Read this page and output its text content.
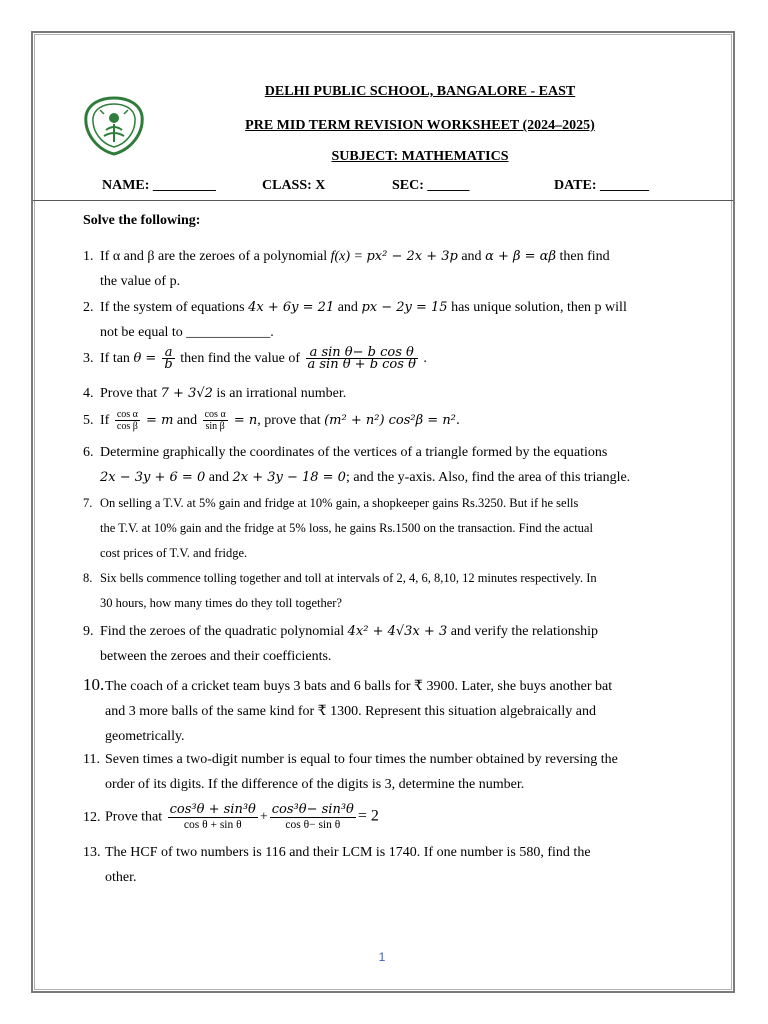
DELHI PUBLIC SCHOOL, BANGALORE - EAST
PRE MID TERM REVISION WORKSHEET (2024–2025)
SUBJECT: MATHEMATICS
NAME: _________	CLASS: X	SEC: ______	DATE: _______
Solve the following:
1. If α and β are the zeroes of a polynomial f(x) = px² − 2x + 3p and α + β = αβ then find
the value of p.
2. If the system of equations 4x + 6y = 21 and px − 2y = 15 has unique solution, then p will
not be equal to ____________.
3. If $\tan \theta = \frac{a}{b}$ then find the value of $\frac{\text{a sin θ− b cos θ}}{\text{a sin θ + b cos θ}}$ .
4. Prove that 7 + 3√2 is an irrational number.
5. If $\frac{\text{cos α}}{\text{cos β}} = m$ and $\frac{\text{cos α}}{\text{sin β}} = n$, prove that (m² + n²) cos²β = n².
6. Determine graphically the coordinates of the vertices of a triangle formed by the equations
2x − 3y + 6 = 0 and 2x + 3y − 18 = 0; and the y-axis. Also, find the area of this triangle.
7. On selling a T.V. at 5% gain and fridge at 10% gain, a shopkeeper gains Rs.3250. But if he sells
the T.V. at 10% gain and the fridge at 5% loss, he gains Rs.1500 on the transaction. Find the actual
cost prices of T.V. and fridge.
8. Six bells commence tolling together and toll at intervals of 2, 4, 6, 8,10, 12 minutes respectively. In
30 hours, how many times do they toll together?
9. Find the zeroes of the quadratic polynomial 4x² + 4√3x + 3 and verify the relationship
between the zeroes and their coefficients.
10.The coach of a cricket team buys 3 bats and 6 balls for ₹ 3900. Later, she buys another bat
and 3 more balls of the same kind for ₹ 1300. Represent this situation algebraically and
geometrically.
11. Seven times a two-digit number is equal to four times the number obtained by reversing the
order of its digits. If the difference of the digits is 3, determine the number.
12. Prove that $\frac{\text{cos³θ + sin³θ}}{\text{cos θ + sin θ}} + \frac{\text{cos³θ− sin³θ}}{\text{cos θ− sin θ}} = 2$
13. The HCF of two numbers is 116 and their LCM is 1740. If one number is 580, find the
other.
1
